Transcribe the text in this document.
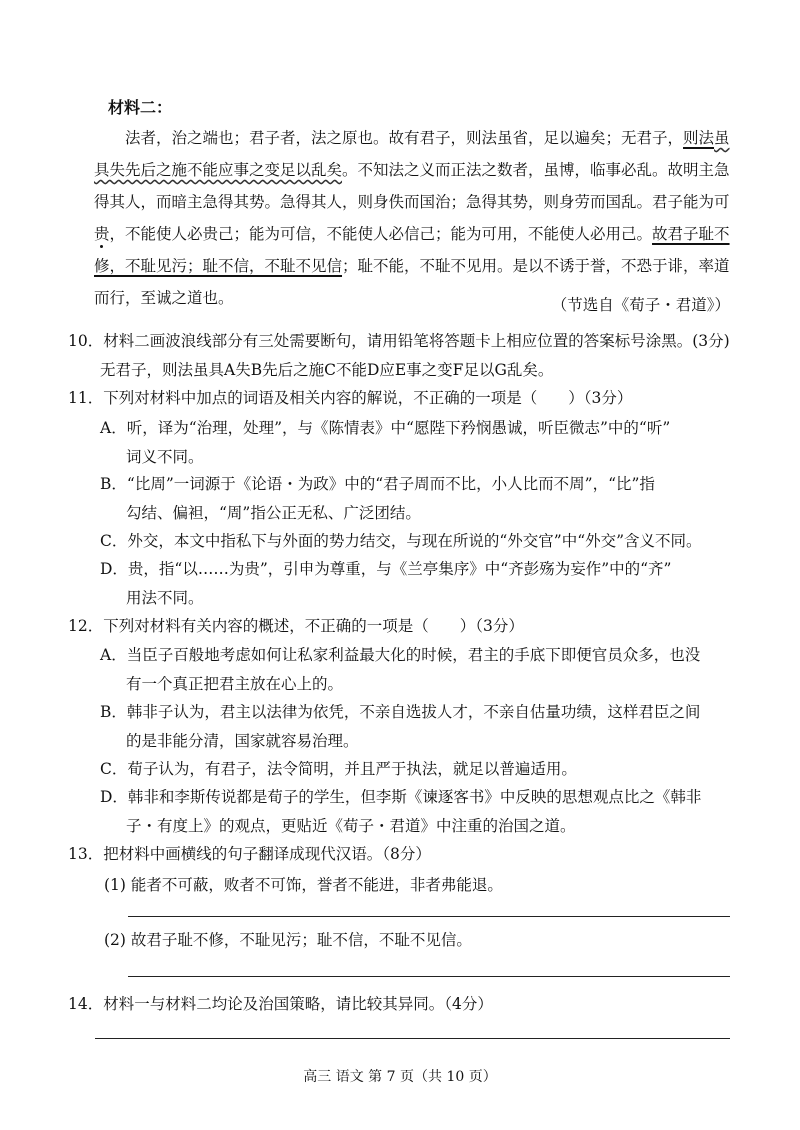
材料二：

法者，治之端也；君子者，法之原也。故有君子，则法虽省，足以遍矣；无君子，则法虽具失先后之施不能应事之变足以乱矣。不知法之义而正法之数者，虽博，临事必乱。故明主急得其人，而暗主急得其势。急得其人，则身佚而国治；急得其势，则身劳而国乱。君子能为可贵，不能使人必贵己；能为可信，不能使人必信己；能为可用，不能使人必用己。故君子耻不修，不耻见污；耻不信，不耻不见信；耻不能，不耻不见用。是以不诱于誉，不恐于诽，率道而行，至诚之道也。	（节选自《荀子・君道》）
10．材料二画波浪线部分有三处需要断句，请用铅笔将答题卡上相应位置的答案标号涂黑。(3分)
无君子，则法虽具A失B先后之施C不能D应E事之变F足以G乱矣。
11．下列对材料中加点的词语及相关内容的解说，不正确的一项是（　　）（3分）
A．听，译为“治理，处理”，与《陈情表》中“愿陛下矜悯愚诚，听臣微志”中的“听”
词义不同。
B．“比周”一词源于《论语・为政》中的“君子周而不比，小人比而不周”，“比”指
勾结、偏袒，“周”指公正无私、广泛团结。
C．外交，本文中指私下与外面的势力结交，与现在所说的“外交官”中“外交”含义不同。
D．贵，指“以……为贵”，引申为尊重，与《兰亭集序》中“齐彭殇为妄作”中的“齐”
用法不同。
12．下列对材料有关内容的概述，不正确的一项是（　　）（3分）
A．当臣子百般地考虑如何让私家利益最大化的时候，君主的手底下即便官员众多，也没
有一个真正把君主放在心上的。
B．韩非子认为，君主以法律为依凭，不亲自选拔人才，不亲自估量功绩，这样君臣之间
的是非能分清，国家就容易治理。
C．荀子认为，有君子，法令简明，并且严于执法，就足以普遍适用。
D．韩非和李斯传说都是荀子的学生，但李斯《谏逐客书》中反映的思想观点比之《韩非
子・有度上》的观点，更贴近《荀子・君道》中注重的治国之道。
13．把材料中画横线的句子翻译成现代汉语。（8分）
(1) 能者不可蔽，败者不可饰，誉者不能进，非者弗能退。
(2) 故君子耻不修，不耻见污；耻不信，不耻不见信。
14．材料一与材料二均论及治国策略，请比较其异同。（4分）
高三 语文 第 7 页（共 10 页）
